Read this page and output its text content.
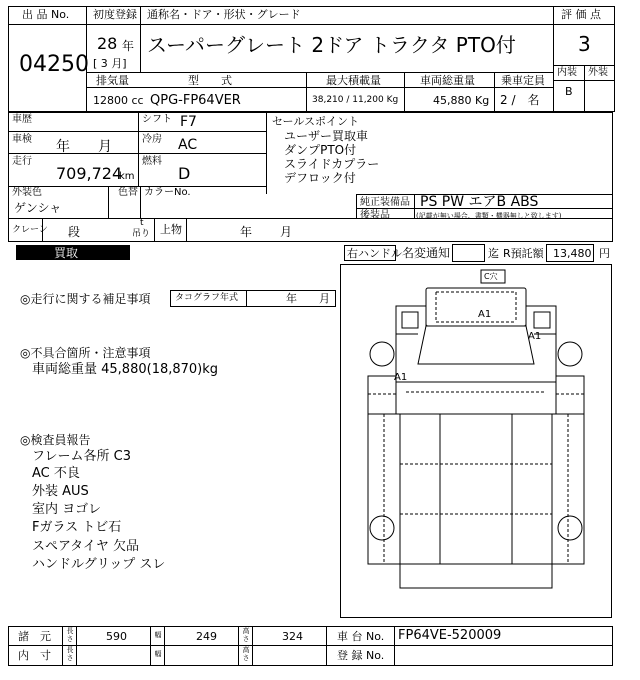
出 品 No.
04250
初度登録 通称名・ドア・形状・グレード
28 年
[ 3 月]
スーパーグレート 2ドア トラクタ PTO付
評 価 点
3
内装 外装
B
排気量	型　　式	最大積載量	車両総重量 乗車定員
12800 cc QPG-FP64VER	38,210 / 11,200 Kg	45,880 Kg 2 /　名
車歴
車検 年　　月
走行
709,724
km
シフト F7
冷房 AC
燃料
D
外装色
ゲンシャ
色替 カラーNo.
セールスポイント
ユーザー買取車
ダンプPTO付
スライドカプラー
デフロック付
純正装備品 PS PW エアB ABS
後装品	(記載が無い場合、書類・機器無しと致します)
クレーン 段
t
吊り 上物	年 月
買取	右ハンドル 名変通知	迄 R預託額 13,480 円
◎走行に関する補足事項	タコグラフ年式	年　　月
◎不具合箇所・注意事項
車両総重量 45,880(18,870)kg
◎検査員報告
フレーム各所 C3
AC 不良
外装 AUS
室内 ヨゴレ
Fガラス トビ石
スペアタイヤ 欠品
ハンドルグリップ スレ
C穴
A1
A1
A1
諸　元 長さ	590	幅	249	高さ	324	車 台 No. FP64VE-520009
内　寸 長さ	幅	高さ	登 録 No.
